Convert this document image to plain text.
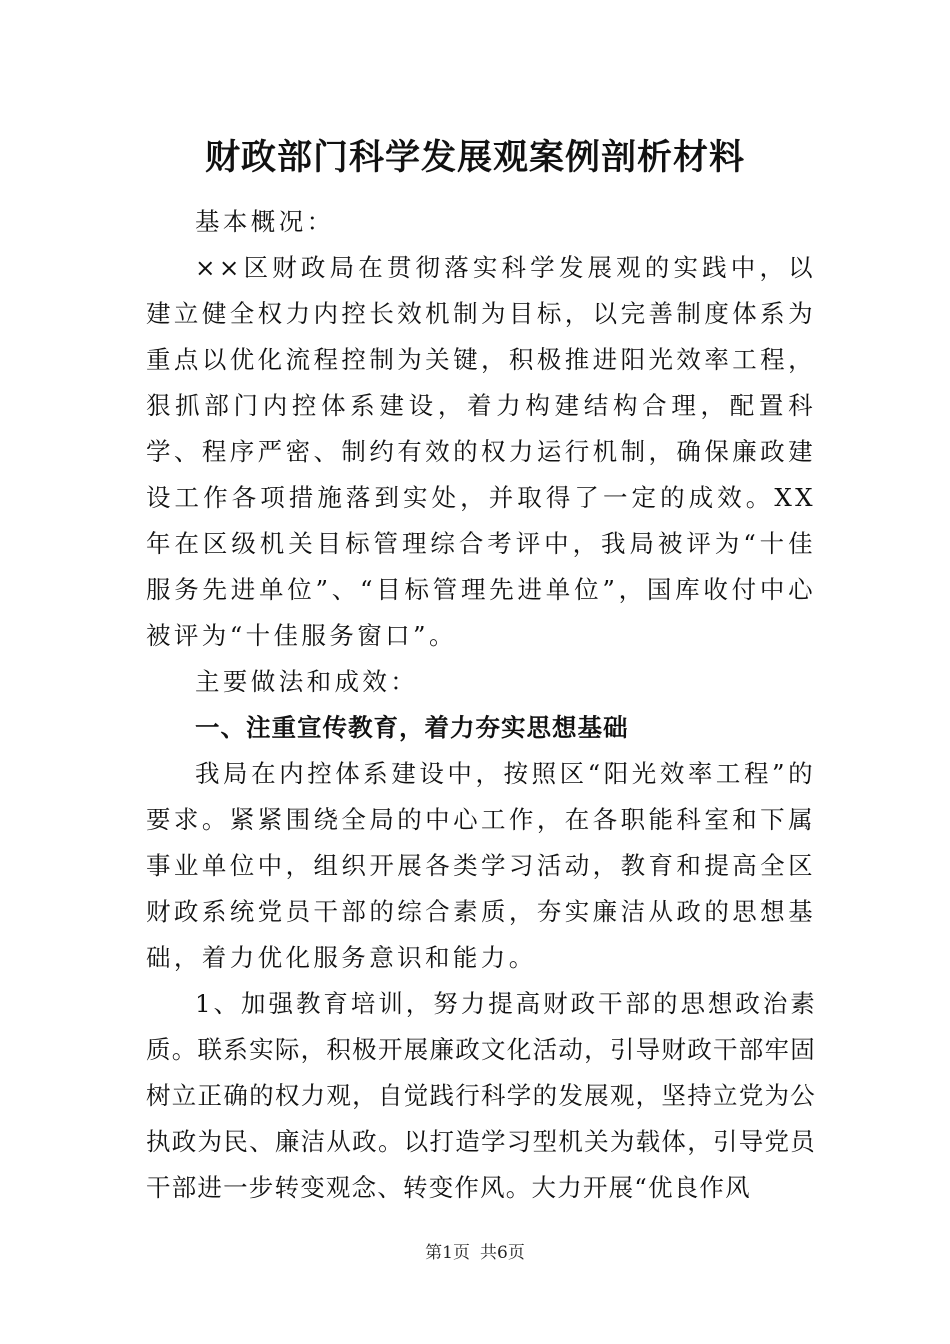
财政部门科学发展观案例剖析材料

基本概况：

××区财政局在贯彻落实科学发展观的实践中，以建立健全权力内控长效机制为目标，以完善制度体系为重点以优化流程控制为关键，积极推进阳光效率工程，狠抓部门内控体系建设，着力构建结构合理，配置科学、程序严密、制约有效的权力运行机制，确保廉政建设工作各项措施落到实处，并取得了一定的成效。XX年在区级机关目标管理综合考评中，我局被评为“十佳服务先进单位”、“目标管理先进单位”，国库收付中心被评为“十佳服务窗口”。

主要做法和成效：

一、注重宣传教育，着力夯实思想基础

我局在内控体系建设中，按照区“阳光效率工程”的要求。紧紧围绕全局的中心工作，在各职能科室和下属事业单位中，组织开展各类学习活动，教育和提高全区财政系统党员干部的综合素质，夯实廉洁从政的思想基础，着力优化服务意识和能力。

1、加强教育培训，努力提高财政干部的思想政治素质。联系实际，积极开展廉政文化活动，引导财政干部牢固树立正确的权力观，自觉践行科学的发展观，坚持立党为公执政为民、廉洁从政。以打造学习型机关为载体，引导党员干部进一步转变观念、转变作风。大力开展“优良作风

第1页 共6页
